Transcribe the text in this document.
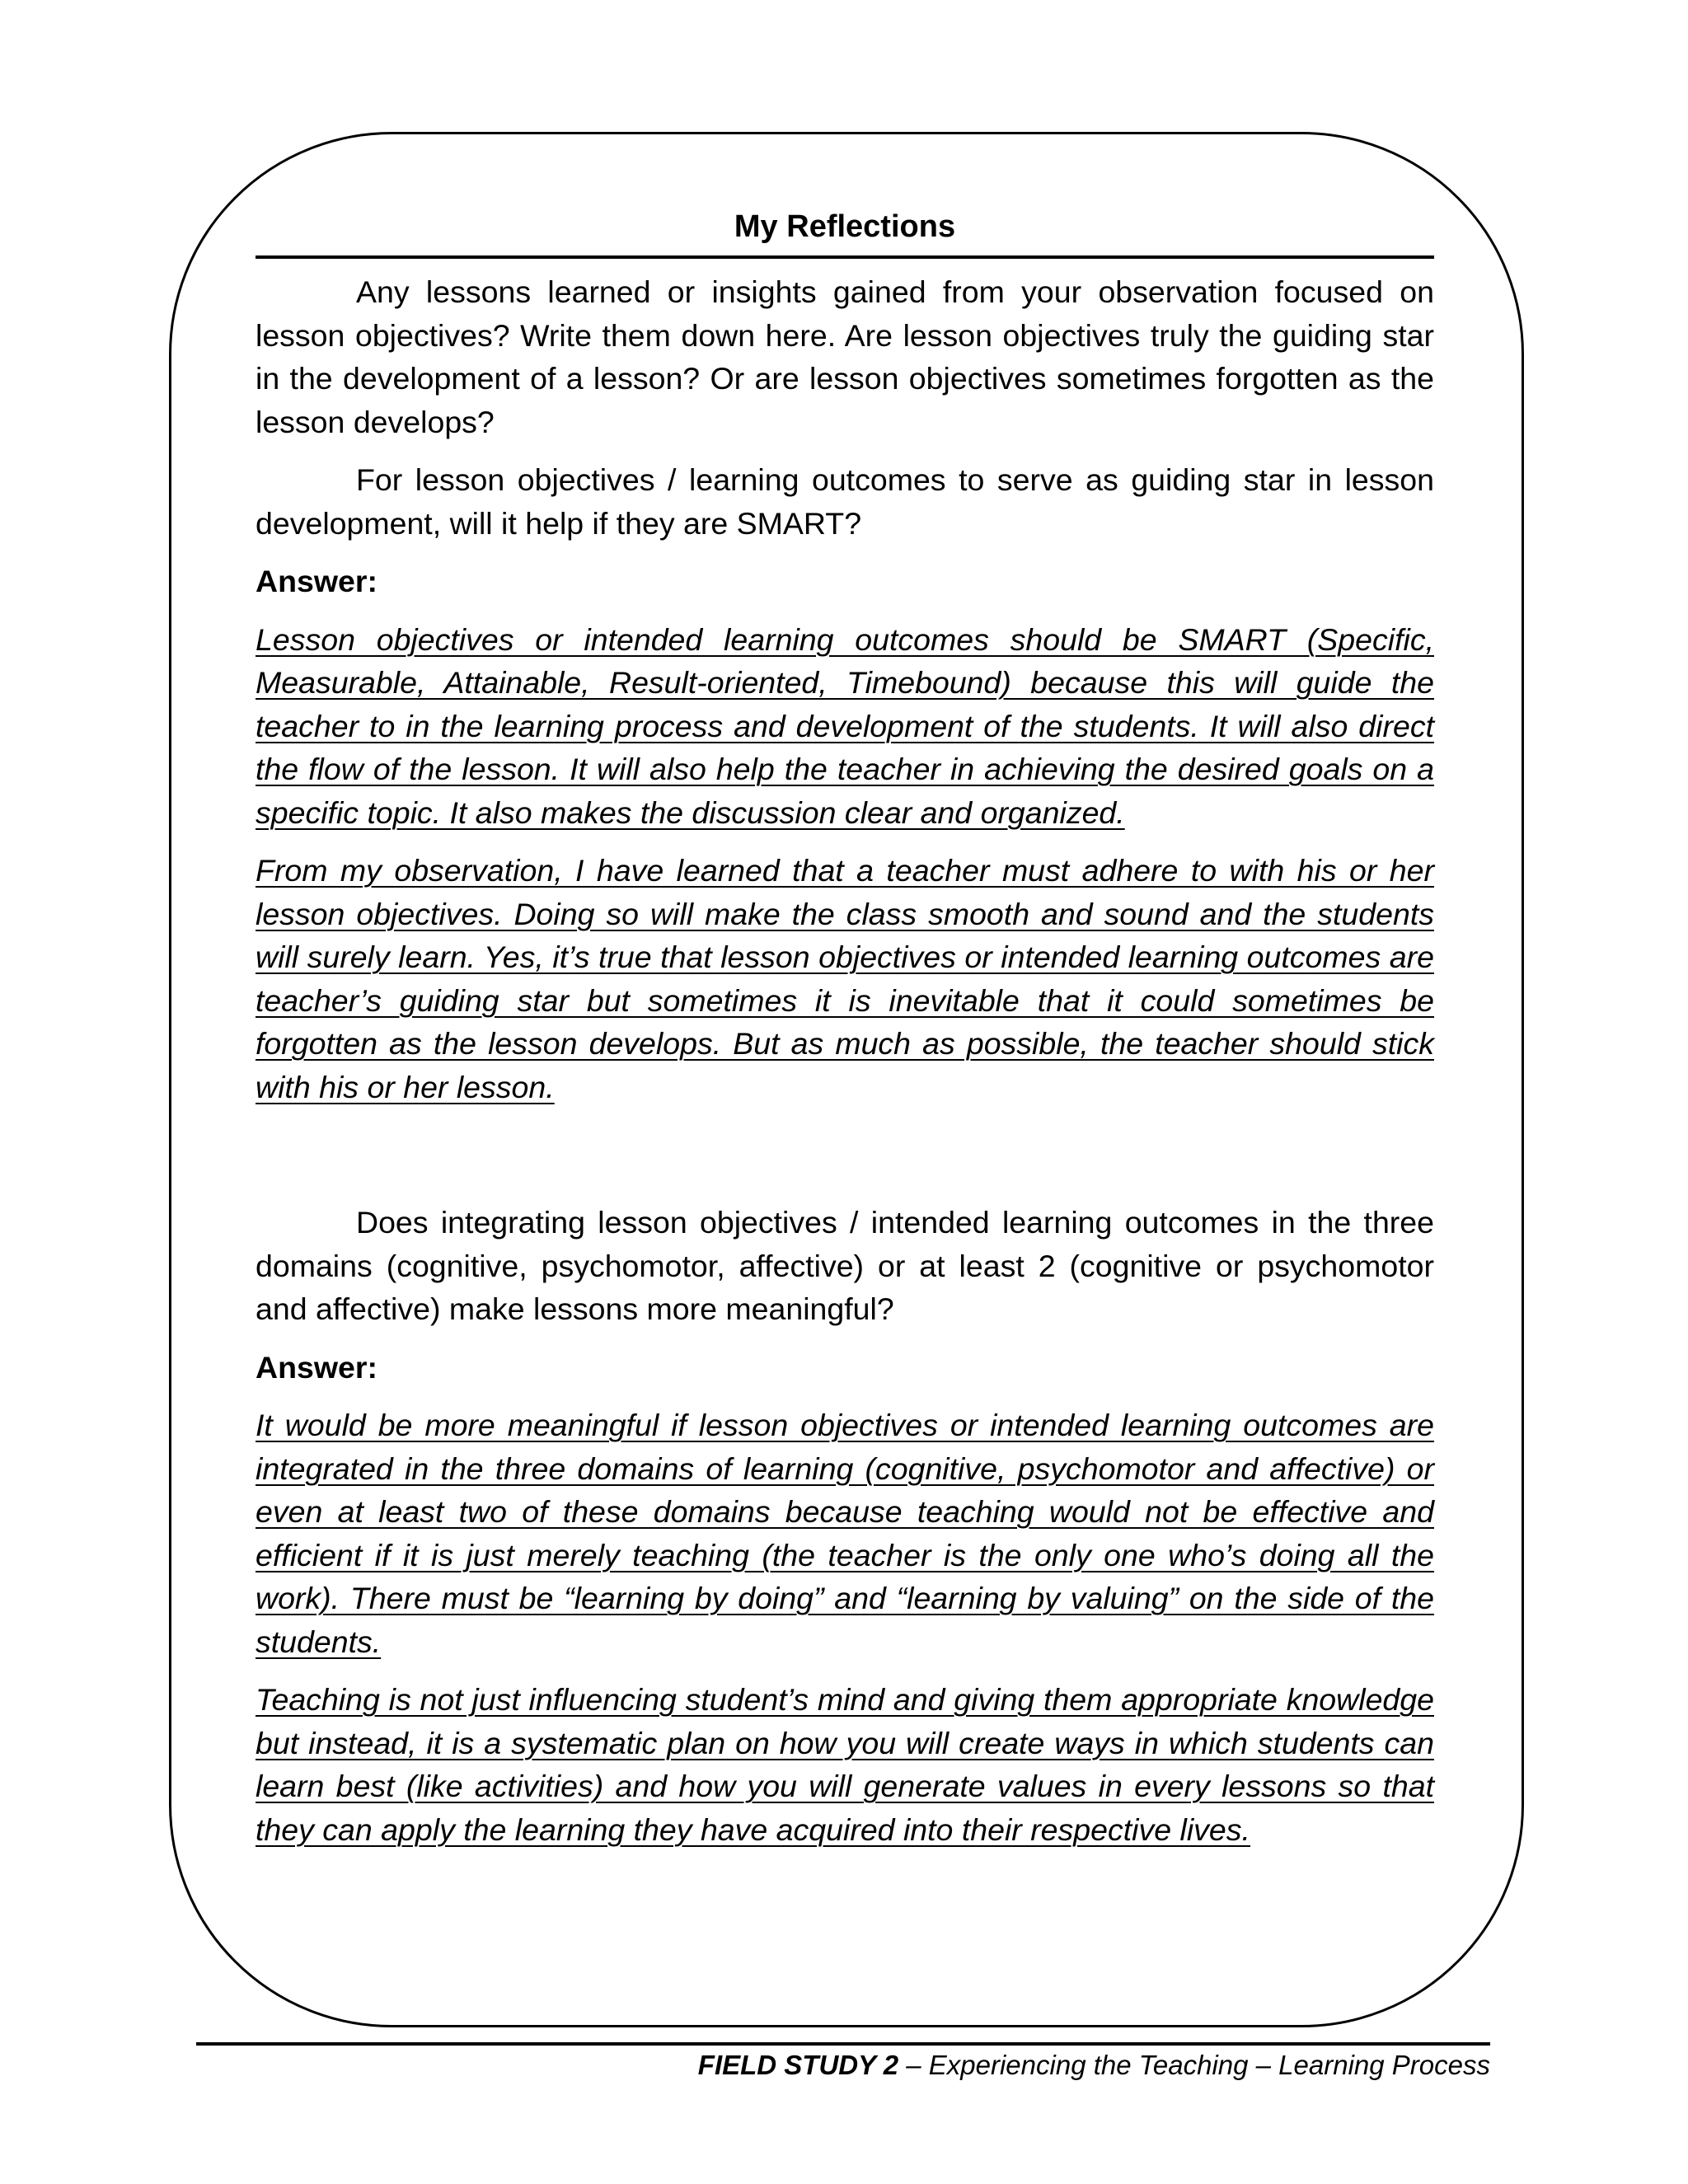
My Reflections

Any lessons learned or insights gained from your observation focused on lesson objectives? Write them down here. Are lesson objectives truly the guiding star in the development of a lesson? Or are lesson objectives sometimes forgotten as the lesson develops?

For lesson objectives / learning outcomes to serve as guiding star in lesson development, will it help if they are SMART?

Answer:

Lesson objectives or intended learning outcomes should be SMART (Specific, Measurable, Attainable, Result-oriented, Timebound) because this will guide the teacher to in the learning process and development of the students. It will also direct the flow of the lesson. It will also help the teacher in achieving the desired goals on a specific topic. It also makes the discussion clear and organized.

From my observation, I have learned that a teacher must adhere to with his or her lesson objectives. Doing so will make the class smooth and sound and the students will surely learn. Yes, it’s true that lesson objectives or intended learning outcomes are teacher’s guiding star but sometimes it is inevitable that it could sometimes be forgotten as the lesson develops. But as much as possible, the teacher should stick with his or her lesson.

Does integrating lesson objectives / intended learning outcomes in the three domains (cognitive, psychomotor, affective) or at least 2 (cognitive or psychomotor and affective) make lessons more meaningful?

Answer:

It would be more meaningful if lesson objectives or intended learning outcomes are integrated in the three domains of learning (cognitive, psychomotor and affective) or even at least two of these domains because teaching would not be effective and efficient if it is just merely teaching (the teacher is the only one who’s doing all the work). There must be “learning by doing” and “learning by valuing” on the side of the students.

Teaching is not just influencing student’s mind and giving them appropriate knowledge but instead, it is a systematic plan on how you will create ways in which students can learn best (like activities) and how you will generate values in every lessons so that they can apply the learning they have acquired into their respective lives.

FIELD STUDY 2 – Experiencing the Teaching – Learning Process
